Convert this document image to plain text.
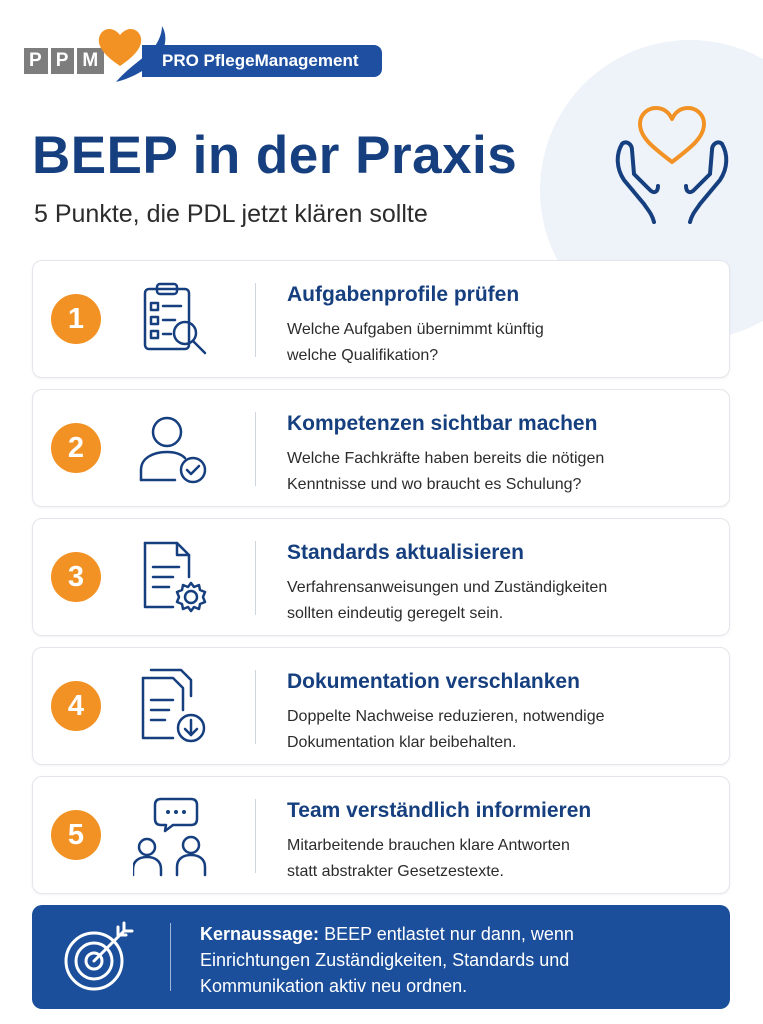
P P M	PRO PflegeManagement
BEEP in der Praxis

5 Punkte, die PDL jetzt klären sollte

1
Aufgabenprofile prüfen

Welche Aufgaben übernimmt künftig
welche Qualifikation?

2
Kompetenzen sichtbar machen

Welche Fachkräfte haben bereits die nötigen
Kenntnisse und wo braucht es Schulung?

3
Standards aktualisieren

Verfahrensanweisungen und Zuständigkeiten
sollten eindeutig geregelt sein.

4
Dokumentation verschlanken

Doppelte Nachweise reduzieren, notwendige
Dokumentation klar beibehalten.

5
Team verständlich informieren

Mitarbeitende brauchen klare Antworten
statt abstrakter Gesetzestexte.

Kernaussage: BEEP entlastet nur dann, wenn
Einrichtungen Zuständigkeiten, Standards und
Kommunikation aktiv neu ordnen.
